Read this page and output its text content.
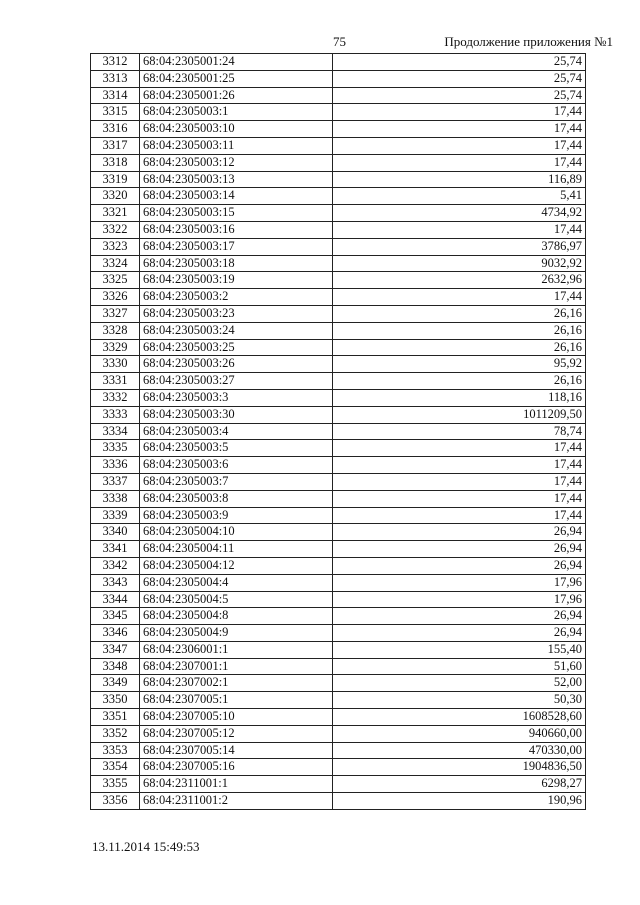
75	Продолжение приложения №1
3312	68:04:2305001:24	25,74
3313	68:04:2305001:25	25,74
3314	68:04:2305001:26	25,74
3315	68:04:2305003:1	17,44
3316	68:04:2305003:10	17,44
3317	68:04:2305003:11	17,44
3318	68:04:2305003:12	17,44
3319	68:04:2305003:13	116,89
3320	68:04:2305003:14	5,41
3321	68:04:2305003:15	4734,92
3322	68:04:2305003:16	17,44
3323	68:04:2305003:17	3786,97
3324	68:04:2305003:18	9032,92
3325	68:04:2305003:19	2632,96
3326	68:04:2305003:2	17,44
3327	68:04:2305003:23	26,16
3328	68:04:2305003:24	26,16
3329	68:04:2305003:25	26,16
3330	68:04:2305003:26	95,92
3331	68:04:2305003:27	26,16
3332	68:04:2305003:3	118,16
3333	68:04:2305003:30	1011209,50
3334	68:04:2305003:4	78,74
3335	68:04:2305003:5	17,44
3336	68:04:2305003:6	17,44
3337	68:04:2305003:7	17,44
3338	68:04:2305003:8	17,44
3339	68:04:2305003:9	17,44
3340	68:04:2305004:10	26,94
3341	68:04:2305004:11	26,94
3342	68:04:2305004:12	26,94
3343	68:04:2305004:4	17,96
3344	68:04:2305004:5	17,96
3345	68:04:2305004:8	26,94
3346	68:04:2305004:9	26,94
3347	68:04:2306001:1	155,40
3348	68:04:2307001:1	51,60
3349	68:04:2307002:1	52,00
3350	68:04:2307005:1	50,30
3351	68:04:2307005:10	1608528,60
3352	68:04:2307005:12	940660,00
3353	68:04:2307005:14	470330,00
3354	68:04:2307005:16	1904836,50
3355	68:04:2311001:1	6298,27
3356	68:04:2311001:2	190,96
13.11.2014 15:49:53
